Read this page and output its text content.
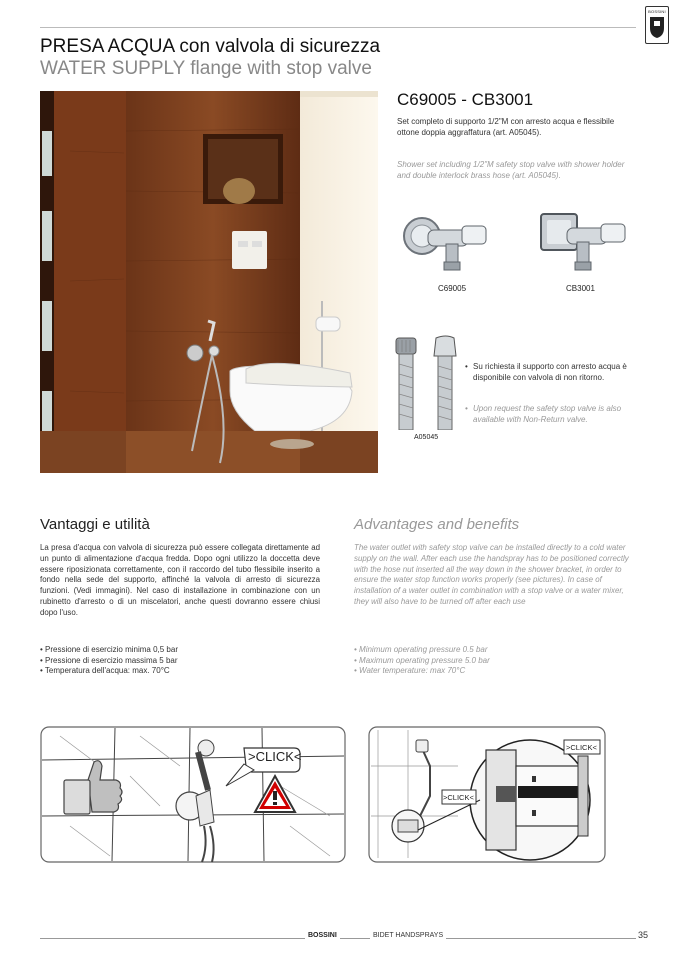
BOSSINI
PRESA ACQUA con valvola di sicurezza
WATER SUPPLY flange with stop valve
C69005 - CB3001
Set completo di supporto 1/2"M con arresto acqua e flessibile ottone doppia aggraffatura (art. A05045).
Shower set including 1/2"M safety stop valve with shower holder and double interlock brass hose (art. A05045).
C69005	CB3001
A05045
• Su richiesta il supporto con arresto acqua è disponibile con valvola di non ritorno.
• Upon request the safety stop valve is also available with Non-Return valve.
Vantaggi e utilità	Advantages and benefits
La presa d'acqua con valvola di sicurezza può essere collegata direttamente ad un punto di alimentazione d'acqua fredda. Dopo ogni utilizzo la doccetta deve essere riposizionata correttamente, con il raccordo del tubo flessibile inserito a fondo nella sede del supporto, affinché la valvola di arresto di sicurezza funzioni. (Vedi immagini). Nel caso di installazione in combinazione con un rubinetto d'arresto o di un miscelatori, anche questi dovranno essere chiusi dopo l'uso.
The water outlet with safety stop valve can be installed directly to a cold water supply on the wall. After each use the handspray has to be positioned correctly with the hose nut inserted all the way down in the shower bracket, in order to ensure the water stop function works properly (see pictures). In case of installation of a water outlet in combination with a stop valve or a water mixer, they will also have to be turned off after each use
• Pressione di esercizio minima 0,5 bar
• Pressione di esercizio massima 5 bar
• Temperatura dell'acqua: max. 70°C
• Minimum operating pressure 0.5 bar
• Maximum operating pressure 5.0 bar
• Water temperature: max 70°C
>CLICK<
>CLICK<
>CLICK<
BOSSINI	BIDET HANDSPRAYS	35
